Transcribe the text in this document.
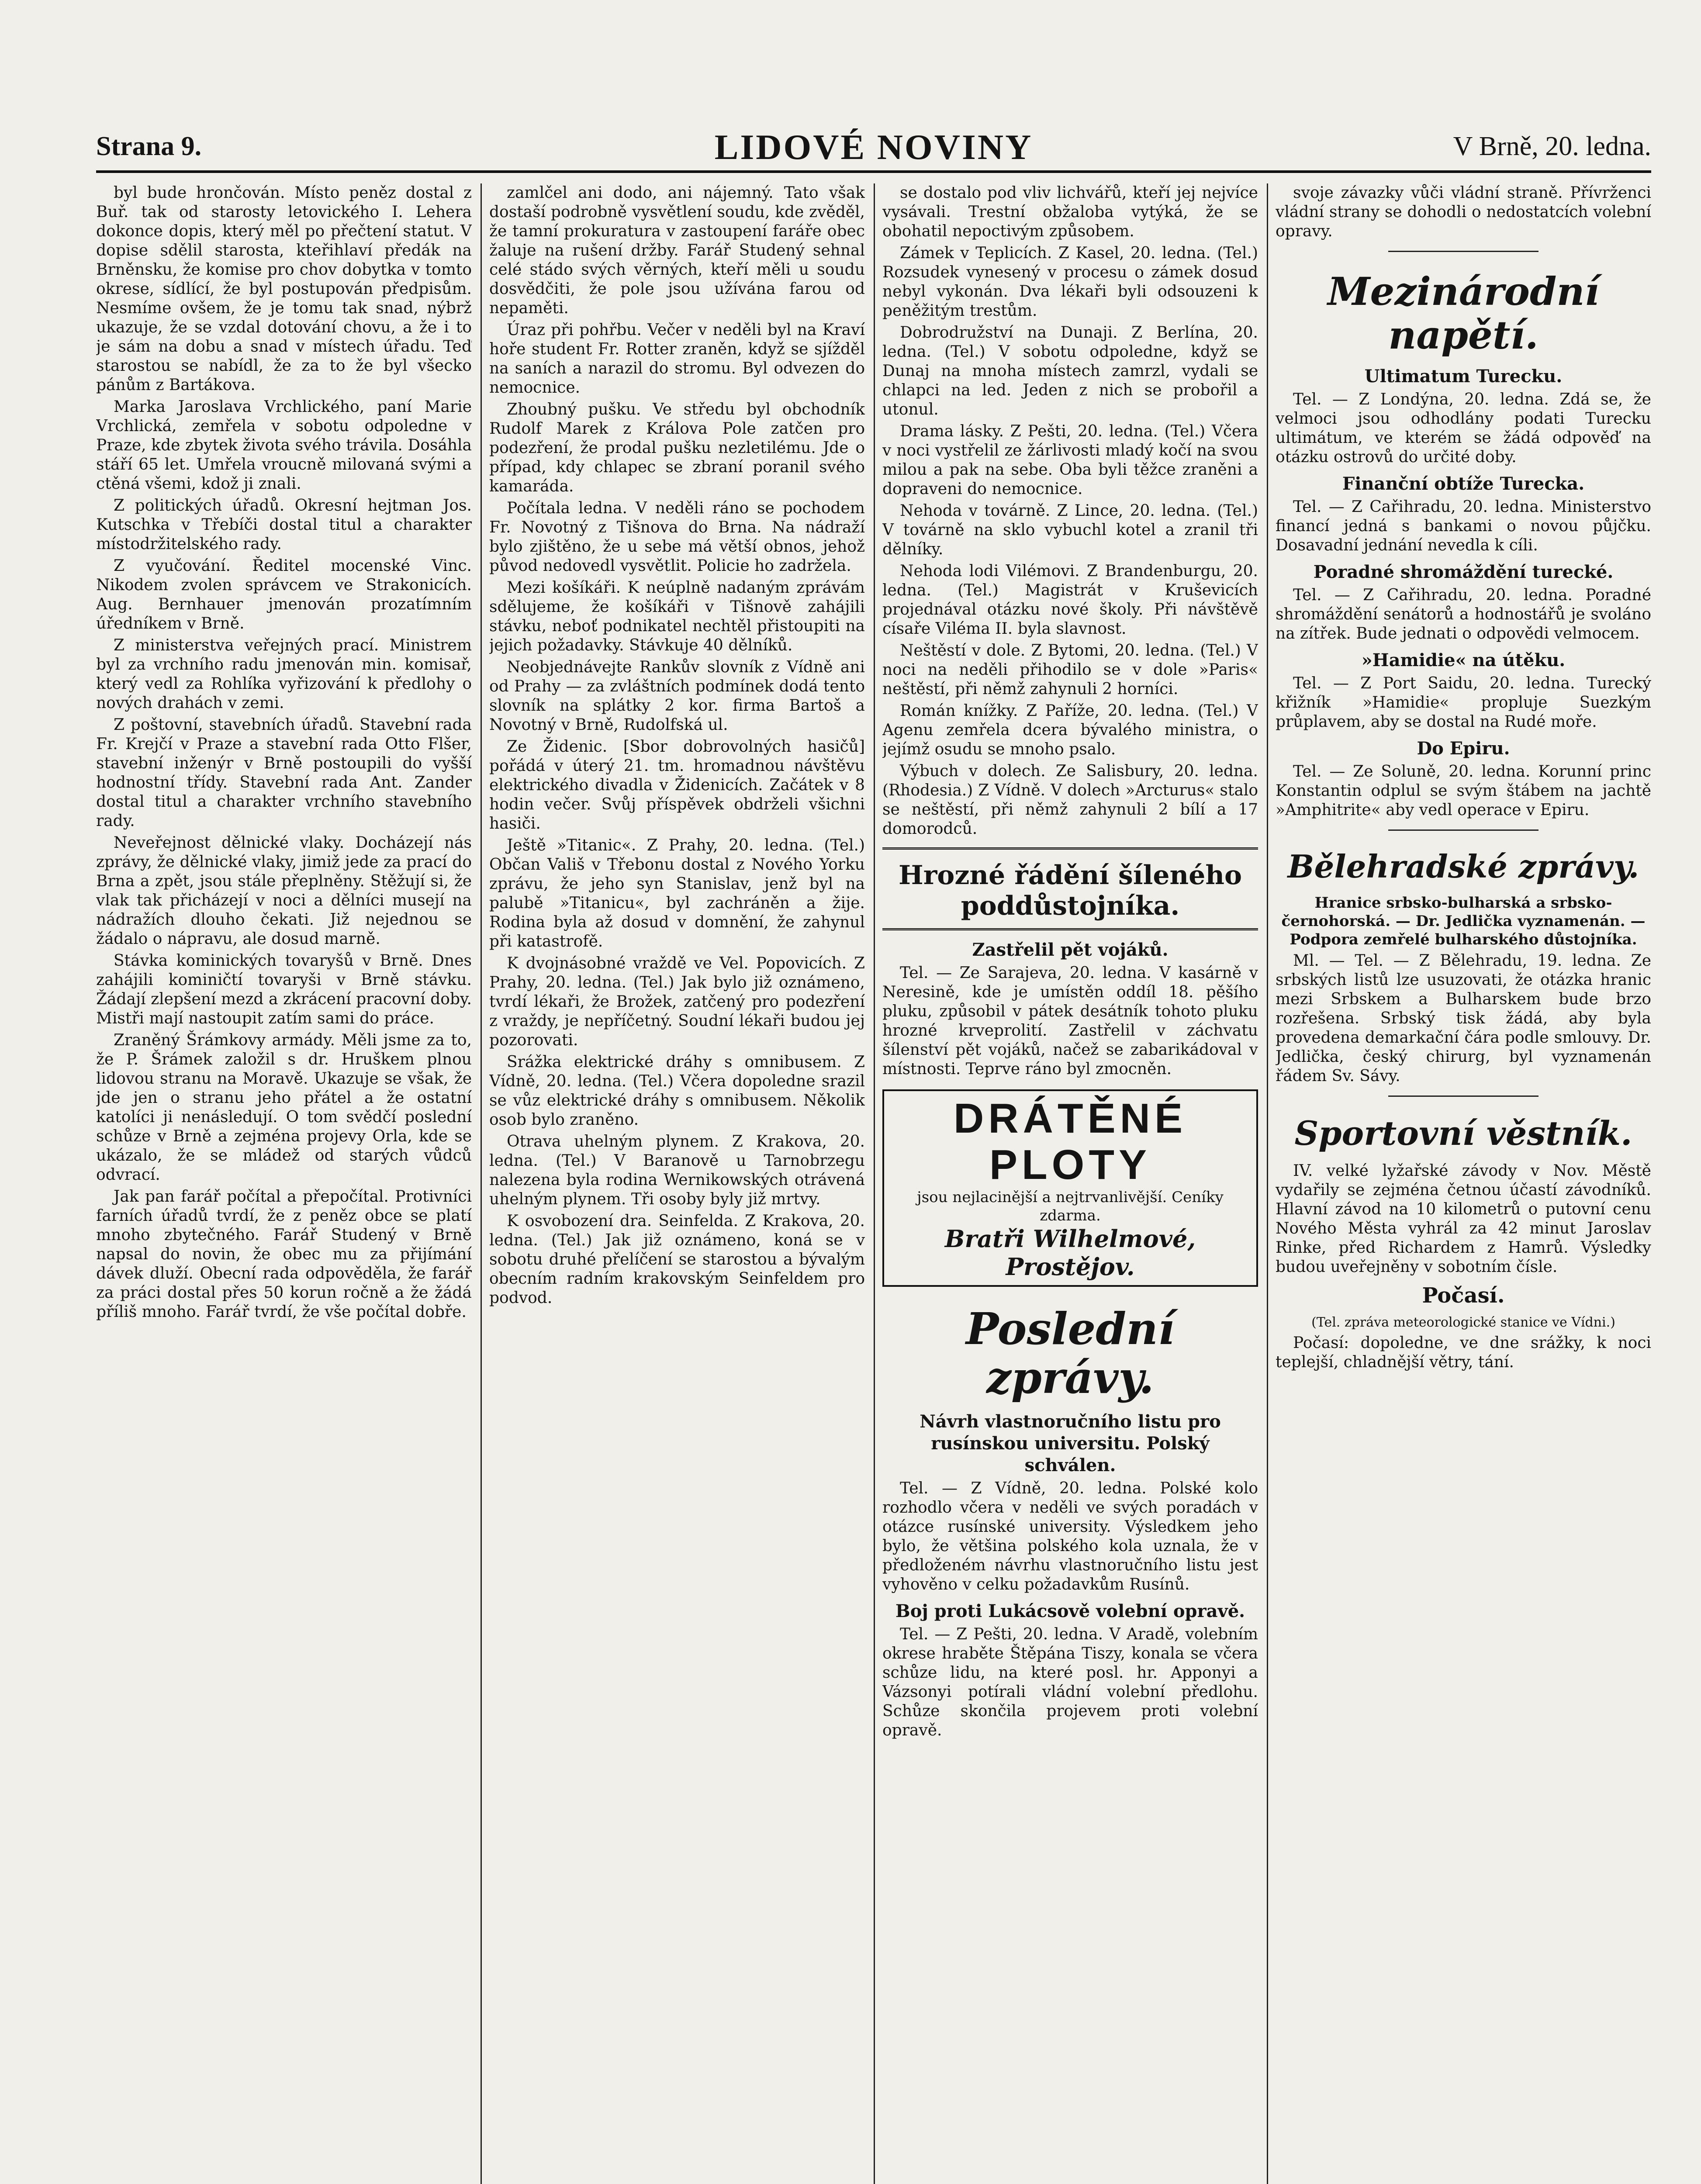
Strana 9.	LIDOVÉ NOVINY	V Brně, 20. ledna.

byl bude hrončován. Místo peněz dostal z Buř. tak od starosty letovického I. Lehera dokonce dopis, který měl po přečtení statut. V dopise sdělil starosta, kteřihlaví předák na Brněnsku, že komise pro chov dobytka v tomto okrese, sídlící, že byl postupován předpisům. Nesmíme ovšem, že je tomu tak snad, nýbrž ukazuje, že se vzdal dotování chovu, a že i to je sám na dobu a snad v místech úřadu. Teď starostou se nabídl, že za to že byl všecko pánům z Bartákova.

Marka Jaroslava Vrchlického, paní Marie Vrchlická, zemřela v sobotu odpoledne v Praze, kde zbytek života svého trávila. Dosáhla stáří 65 let. Umřela vroucně milovaná svými a ctěná všemi, kdož ji znali.

Z politických úřadů. Okresní hejtman Jos. Kutschka v Třebíči dostal titul a charakter místodržitelského rady.

Z vyučování. Ředitel mocenské Vinc. Nikodem zvolen správcem ve Strakonicích. Aug. Bernhauer jmenován prozatímním úředníkem v Brně.

Z ministerstva veřejných prací. Ministrem byl za vrchního radu jmenován min. komisař, který vedl za Rohlíka vyřizování k předlohy o nových drahách v zemi.

Z poštovní, stavebních úřadů. Stavební rada Fr. Krejčí v Praze a stavební rada Otto Flšer, stavební inženýr v Brně postoupili do vyšší hodnostní třídy. Stavební rada Ant. Zander dostal titul a charakter vrchního stavebního rady.

Neveřejnost dělnické vlaky. Docházejí nás zprávy, že dělnické vlaky, jimiž jede za prací do Brna a zpět, jsou stále přeplněny. Stěžují si, že vlak tak přicházejí v noci a dělníci musejí na nádražích dlouho čekati. Již nejednou se žádalo o nápravu, ale dosud marně.

Stávka kominických tovaryšů v Brně. Dnes zahájili kominičtí tovaryši v Brně stávku. Žádají zlepšení mezd a zkrácení pracovní doby. Mistři mají nastoupit zatím sami do práce.

Zraněný Šrámkovy armády. Měli jsme za to, že P. Šrámek založil s dr. Hruškem plnou lidovou stranu na Moravě. Ukazuje se však, že jde jen o stranu jeho přátel a že ostatní katolíci ji nenásledují. O tom svědčí poslední schůze v Brně a zejména projevy Orla, kde se ukázalo, že se mládež od starých vůdců odvrací.

Jak pan farář počítal a přepočítal. Protivníci farních úřadů tvrdí, že z peněz obce se platí mnoho zbytečného. Farář Studený v Brně napsal do novin, že obec mu za přijímání dávek dluží. Obecní rada odpověděla, že farář za práci dostal přes 50 korun ročně a že žádá příliš mnoho. Farář tvrdí, že vše počítal dobře.

zamlčel ani dodo, ani nájemný. Tato však dostaší podrobně vysvětlení soudu, kde zvěděl, že tamní prokuratura v zastoupení faráře obec žaluje na rušení držby. Farář Studený sehnal celé stádo svých věrných, kteří měli u soudu dosvědčiti, že pole jsou užívána farou od nepaměti.

Úraz při pohřbu. Večer v neděli byl na Kraví hoře student Fr. Rotter zraněn, když se sjížděl na saních a narazil do stromu. Byl odvezen do nemocnice.

Zhoubný pušku. Ve středu byl obchodník Rudolf Marek z Králova Pole zatčen pro podezření, že prodal pušku nezletilému. Jde o případ, kdy chlapec se zbraní poranil svého kamaráda.

Počítala ledna. V neděli ráno se pochodem Fr. Novotný z Tišnova do Brna. Na nádraží bylo zjištěno, že u sebe má větší obnos, jehož původ nedovedl vysvětlit. Policie ho zadržela.

Mezi košíkáři. K neúplně nadaným zprávám sdělujeme, že košíkáři v Tišnově zahájili stávku, neboť podnikatel nechtěl přistoupiti na jejich požadavky. Stávkuje 40 dělníků.

Neobjednávejte Rankův slovník z Vídně ani od Prahy — za zvláštních podmínek dodá tento slovník na splátky 2 kor. firma Bartoš a Novotný v Brně, Rudolfská ul.

Ze Židenic. [Sbor dobrovolných hasičů] pořádá v úterý 21. tm. hromadnou návštěvu elektrického divadla v Židenicích. Začátek v 8 hodin večer. Svůj příspěvek obdrželi všichni hasiči.

Ještě »Titanic«. Z Prahy, 20. ledna. (Tel.) Občan Vališ v Třebonu dostal z Nového Yorku zprávu, že jeho syn Stanislav, jenž byl na palubě »Titanicu«, byl zachráněn a žije. Rodina byla až dosud v domnění, že zahynul při katastrofě.

K dvojnásobné vraždě ve Vel. Popovicích. Z Prahy, 20. ledna. (Tel.) Jak bylo již oznámeno, tvrdí lékaři, že Brožek, zatčený pro podezření z vraždy, je nepříčetný. Soudní lékaři budou jej pozorovati.

Srážka elektrické dráhy s omnibusem. Z Vídně, 20. ledna. (Tel.) Včera dopoledne srazil se vůz elektrické dráhy s omnibusem. Několik osob bylo zraněno.

Otrava uhelným plynem. Z Krakova, 20. ledna. (Tel.) V Baranově u Tarnobrzegu nalezena byla rodina Wernikowských otrávená uhelným plynem. Tři osoby byly již mrtvy.

K osvobození dra. Seinfelda. Z Krakova, 20. ledna. (Tel.) Jak již oznámeno, koná se v sobotu druhé přelíčení se starostou a bývalým obecním radním krakovským Seinfeldem pro podvod.

se dostalo pod vliv lichvářů, kteří jej nejvíce vysávali. Trestní obžaloba vytýká, že se obohatil nepoctivým způsobem.

Zámek v Teplicích. Z Kasel, 20. ledna. (Tel.) Rozsudek vynesený v procesu o zámek dosud nebyl vykonán. Dva lékaři byli odsouzeni k peněžitým trestům.

Dobrodružství na Dunaji. Z Berlína, 20. ledna. (Tel.) V sobotu odpoledne, když se Dunaj na mnoha místech zamrzl, vydali se chlapci na led. Jeden z nich se probořil a utonul.

Drama lásky. Z Pešti, 20. ledna. (Tel.) Včera v noci vystřelil ze žárlivosti mladý kočí na svou milou a pak na sebe. Oba byli těžce zraněni a dopraveni do nemocnice.

Nehoda v továrně. Z Lince, 20. ledna. (Tel.) V továrně na sklo vybuchl kotel a zranil tři dělníky.

Nehoda lodi Vilémovi. Z Brandenburgu, 20. ledna. (Tel.) Magistrát v Kruševicích projednával otázku nové školy. Při návštěvě císaře Viléma II. byla slavnost.

Neštěstí v dole. Z Bytomi, 20. ledna. (Tel.) V noci na neděli přihodilo se v dole »Paris« neštěstí, při němž zahynuli 2 horníci.

Román knížky. Z Paříže, 20. ledna. (Tel.) V Agenu zemřela dcera bývalého ministra, o jejímž osudu se mnoho psalo.

Výbuch v dolech. Ze Salisbury, 20. ledna. (Rhodesia.) Z Vídně. V dolech »Arcturus« stalo se neštěstí, při němž zahynuli 2 bílí a 17 domorodců.

Hrozné řádění šíleného poddůstojníka.
Zastřelil pět vojáků.

Tel. — Ze Sarajeva, 20. ledna. V kasárně v Neresině, kde je umístěn oddíl 18. pěšího pluku, způsobil v pátek desátník tohoto pluku hrozné krveprolití. Zastřelil v záchvatu šílenství pět vojáků, načež se zabarikádoval v místnosti. Teprve ráno byl zmocněn.

DRÁTĚNÉ PLOTY
jsou nejlacinější a nejtrvanlivější. Ceníky zdarma.
Bratři Wilhelmové, Prostějov.
Poslední zprávy.
Návrh vlastnoručního listu pro rusínskou universitu. Polský schválen.

Tel. — Z Vídně, 20. ledna. Polské kolo rozhodlo včera v neděli ve svých poradách v otázce rusínské university. Výsledkem jeho bylo, že většina polského kola uznala, že v předloženém návrhu vlastnoručního listu jest vyhověno v celku požadavkům Rusínů.

Boj proti Lukácsově volební opravě.

Tel. — Z Pešti, 20. ledna. V Aradě, volebním okrese hraběte Štěpána Tiszy, konala se včera schůze lidu, na které posl. hr. Apponyi a Vázsonyi potírali vládní volební předlohu. Schůze skončila projevem proti volební opravě.

svoje závazky vůči vládní straně. Přívrženci vládní strany se dohodli o nedostatcích volební opravy.

Mezinárodní napětí.
Ultimatum Turecku.

Tel. — Z Londýna, 20. ledna. Zdá se, že velmoci jsou odhodlány podati Turecku ultimátum, ve kterém se žádá odpověď na otázku ostrovů do určité doby.

Finanční obtíže Turecka.

Tel. — Z Cařihradu, 20. ledna. Ministerstvo financí jedná s bankami o novou půjčku. Dosavadní jednání nevedla k cíli.

Poradné shromáždění turecké.

Tel. — Z Cařihradu, 20. ledna. Poradné shromáždění senátorů a hodnostářů je svoláno na zítřek. Bude jednati o odpovědi velmocem.

»Hamidie« na útěku.

Tel. — Z Port Saidu, 20. ledna. Turecký křižník »Hamidie« propluje Suezkým průplavem, aby se dostal na Rudé moře.

Do Epiru.

Tel. — Ze Soluně, 20. ledna. Korunní princ Konstantin odplul se svým štábem na jachtě »Amphitrite« aby vedl operace v Epiru.

Bělehradské zprávy.
Hranice srbsko-bulharská a srbsko-černohorská. — Dr. Jedlička vyznamenán. — Podpora zemřelé bulharského důstojníka.

Ml. — Tel. — Z Bělehradu, 19. ledna. Ze srbských listů lze usuzovati, že otázka hranic mezi Srbskem a Bulharskem bude brzo rozřešena. Srbský tisk žádá, aby byla provedena demarkační čára podle smlouvy. Dr. Jedlička, český chirurg, byl vyznamenán řádem Sv. Sávy.

Sportovní věstník.

IV. velké lyžařské závody v Nov. Městě vydařily se zejména četnou účastí závodníků. Hlavní závod na 10 kilometrů o putovní cenu Nového Města vyhrál za 42 minut Jaroslav Rinke, před Richardem z Hamrů. Výsledky budou uveřejněny v sobotním čísle.

Počasí.
(Tel. zpráva meteorologické stanice ve Vídni.)

Počasí: dopoledne, ve dne srážky, k noci teplejší, chladnější větry, tání.
